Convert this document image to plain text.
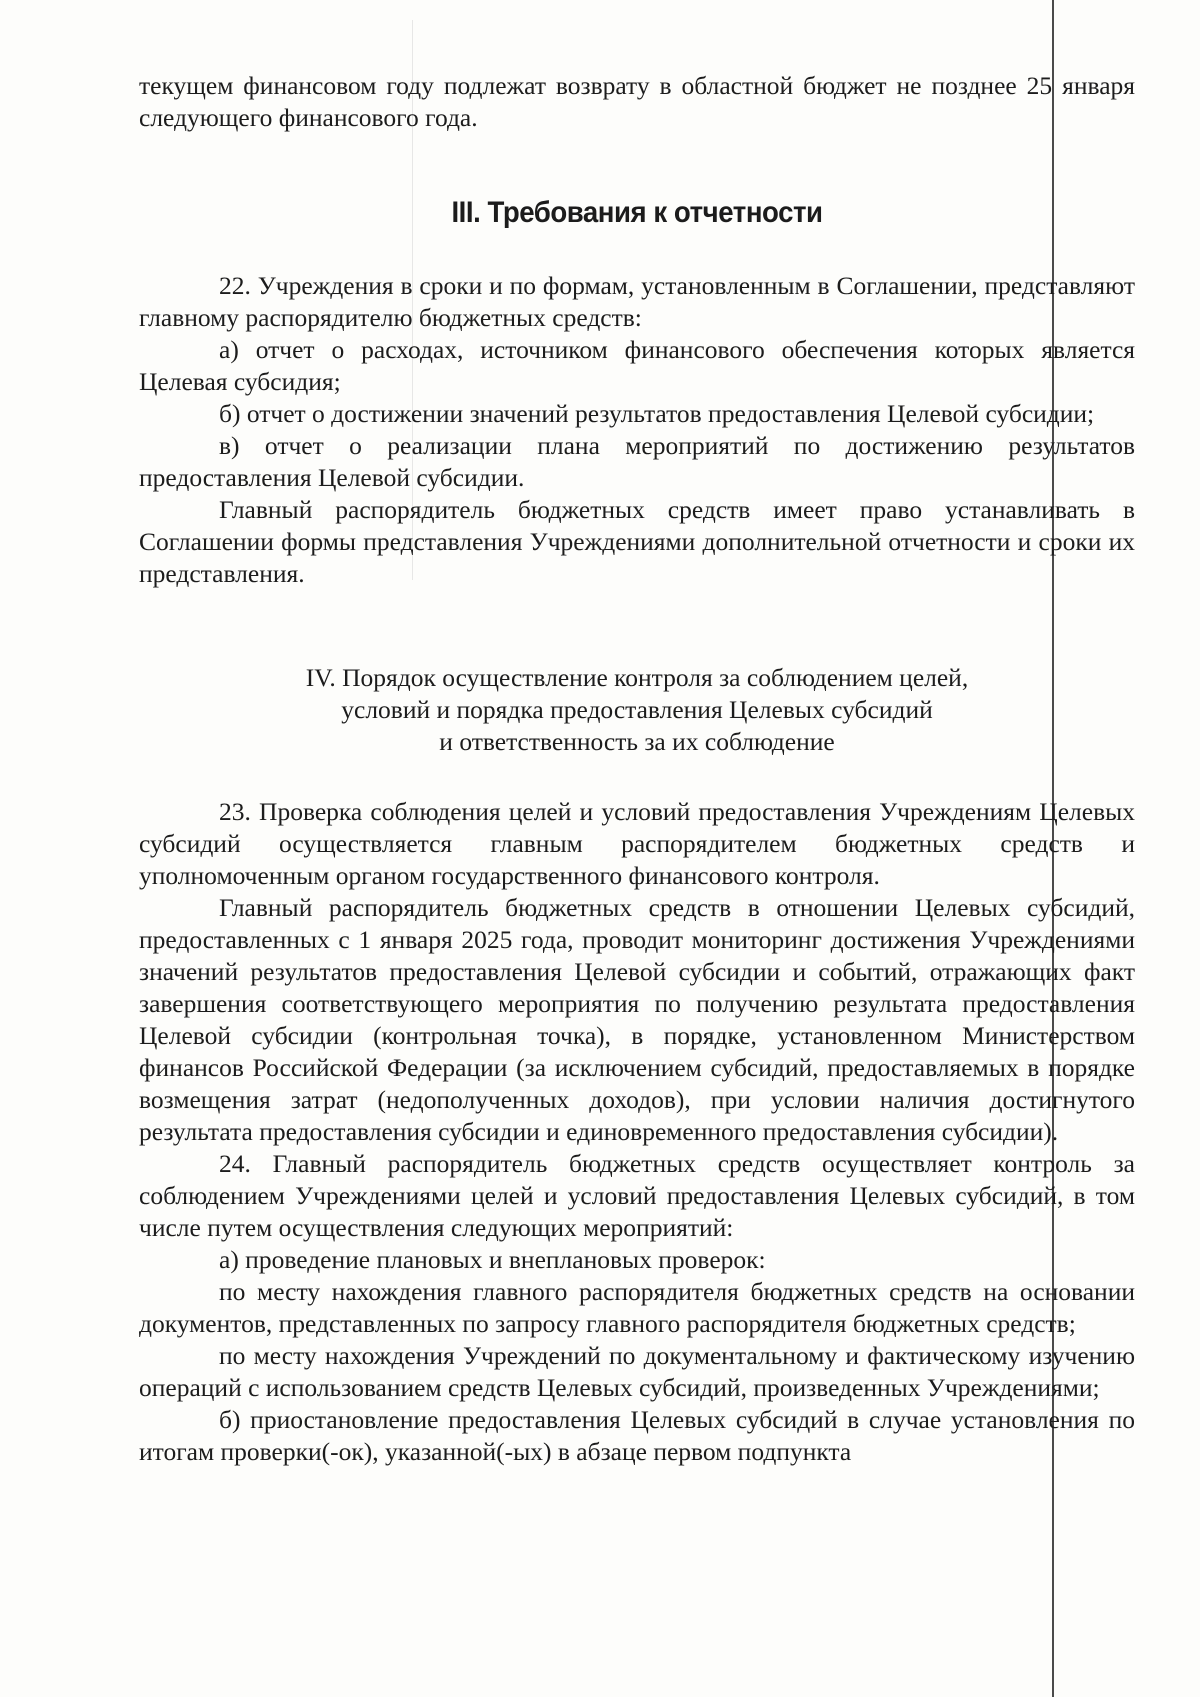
текущем финансовом году подлежат возврату в областной бюджет не позднее 25 января следующего финансового года.

III. Требования к отчетности

22. Учреждения в сроки и по формам, установленным в Соглашении, представляют главному распорядителю бюджетных средств:

а) отчет о расходах, источником финансового обеспечения которых является Целевая субсидия;

б) отчет о достижении значений результатов предоставления Целевой субсидии;

в) отчет о реализации плана мероприятий по достижению результатов предоставления Целевой субсидии.

Главный распорядитель бюджетных средств имеет право устанавливать в Соглашении формы представления Учреждениями дополнительной отчетности и сроки их представления.

IV. Порядок осуществление контроля за соблюдением целей,

условий и порядка предоставления Целевых субсидий

и ответственность за их соблюдение

23. Проверка соблюдения целей и условий предоставления Учреждениям Целевых субсидий осуществляется главным распорядителем бюджетных средств и уполномоченным органом государственного финансового контроля.

Главный распорядитель бюджетных средств в отношении Целевых субсидий, предоставленных с 1 января 2025 года, проводит мониторинг достижения Учреждениями значений результатов предоставления Целевой субсидии и событий, отражающих факт завершения соответствующего мероприятия по получению результата предоставления Целевой субсидии (контрольная точка), в порядке, установленном Министерством финансов Российской Федерации (за исключением субсидий, предоставляемых в порядке возмещения затрат (недополученных доходов), при условии наличия достигнутого результата предоставления субсидии и единовременного предоставления субсидии).

24. Главный распорядитель бюджетных средств осуществляет контроль за соблюдением Учреждениями целей и условий предоставления Целевых субсидий, в том числе путем осуществления следующих мероприятий:

а) проведение плановых и внеплановых проверок:

по месту нахождения главного распорядителя бюджетных средств на основании документов, представленных по запросу главного распорядителя бюджетных средств;

по месту нахождения Учреждений по документальному и фактическому изучению операций с использованием средств Целевых субсидий, произведенных Учреждениями;

б) приостановление предоставления Целевых субсидий в случае установления по итогам проверки(-ок), указанной(-ых) в абзаце первом подпункта
